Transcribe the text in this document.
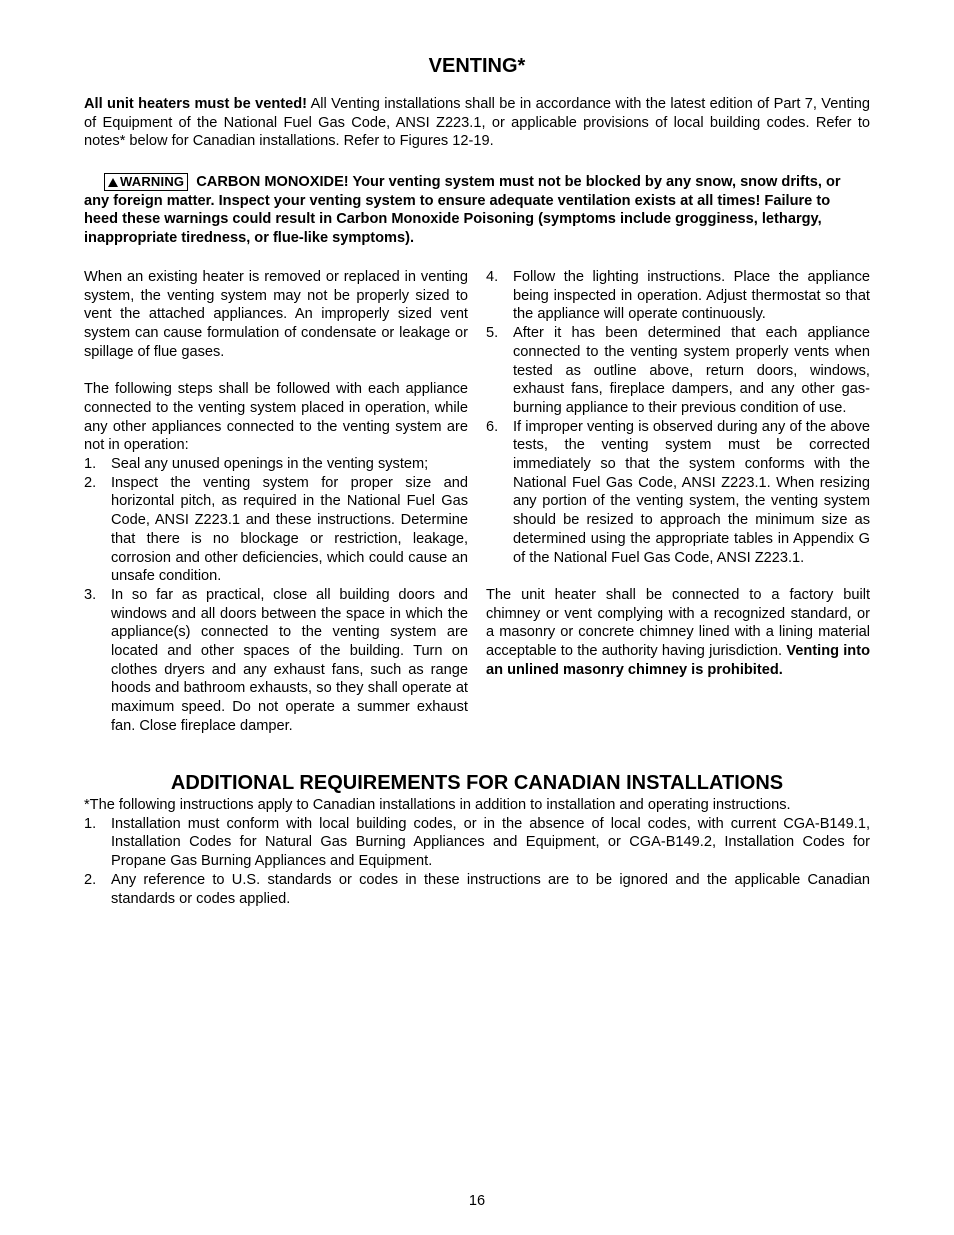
VENTING*

All unit heaters must be vented! All Venting installations shall be in accordance with the latest edition of Part 7, Venting of Equipment of the National Fuel Gas Code, ANSI Z223.1, or applicable provisions of local building codes. Refer to notes* below for Canadian installations. Refer to Figures 12-19.

WARNING CARBON MONOXIDE! Your venting system must not be blocked by any snow, snow drifts, or any foreign matter. Inspect your venting system to ensure adequate ventilation exists at all times! Failure to heed these warnings could result in Carbon Monoxide Poisoning (symptoms include grogginess, lethargy, inappropriate tiredness, or flue-like symptoms).

When an existing heater is removed or replaced in venting system, the venting system may not be properly sized to vent the attached appliances. An improperly sized vent system can cause formulation of condensate or leakage or spillage of flue gases.

The following steps shall be followed with each appliance connected to the venting system placed in operation, while any other appliances connected to the venting system are not in operation:

1. Seal any unused openings in the venting system;
2. Inspect the venting system for proper size and horizontal pitch, as required in the National Fuel Gas Code, ANSI Z223.1 and these instructions. Determine that there is no blockage or restriction, leakage, corrosion and other deficiencies, which could cause an unsafe condition.
3. In so far as practical, close all building doors and windows and all doors between the space in which the appliance(s) connected to the venting system are located and other spaces of the building. Turn on clothes dryers and any exhaust fans, such as range hoods and bathroom exhausts, so they shall operate at maximum speed. Do not operate a summer exhaust fan. Close fireplace damper.
4. Follow the lighting instructions. Place the appliance being inspected in operation. Adjust thermostat so that the appliance will operate continuously.
5. After it has been determined that each appliance connected to the venting system properly vents when tested as outline above, return doors, windows, exhaust fans, fireplace dampers, and any other gas-burning appliance to their previous condition of use.
6. If improper venting is observed during any of the above tests, the venting system must be corrected immediately so that the system conforms with the National Fuel Gas Code, ANSI Z223.1. When resizing any portion of the venting system, the venting system should be resized to approach the minimum size as determined using the appropriate tables in Appendix G of the National Fuel Gas Code, ANSI Z223.1.

The unit heater shall be connected to a factory built chimney or vent complying with a recognized standard, or a masonry or concrete chimney lined with a lining material acceptable to the authority having jurisdiction. Venting into an unlined masonry chimney is prohibited.

ADDITIONAL REQUIREMENTS FOR CANADIAN INSTALLATIONS

*The following instructions apply to Canadian installations in addition to installation and operating instructions.

1. Installation must conform with local building codes, or in the absence of local codes, with current CGA-B149.1, Installation Codes for Natural Gas Burning Appliances and Equipment, or CGA-B149.2, Installation Codes for Propane Gas Burning Appliances and Equipment.
2. Any reference to U.S. standards or codes in these instructions are to be ignored and the applicable Canadian standards or codes applied.
16
